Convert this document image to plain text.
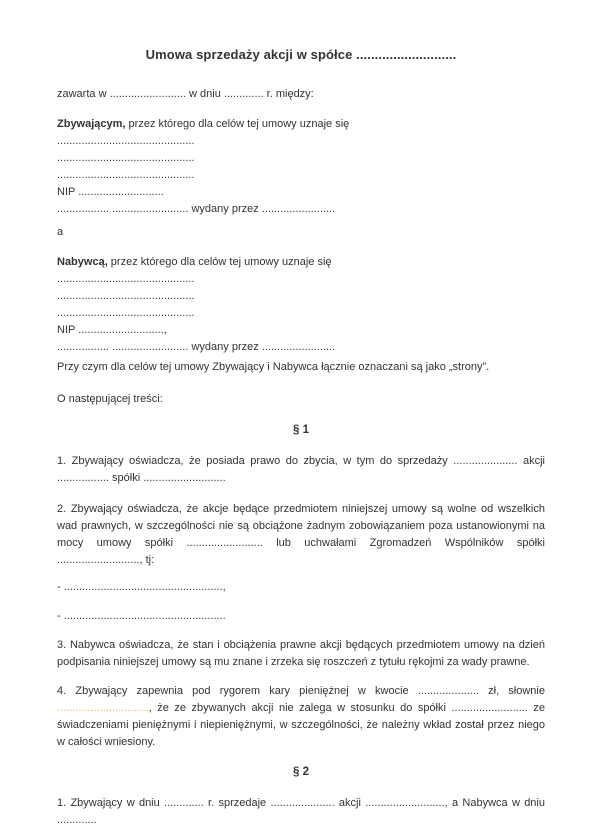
Umowa sprzedaży akcji w spółce ...........................

zawarta w ......................... w dniu ............. r. między:

Zbywającym, przez którego dla celów tej umowy uznaje się

.............................................

.............................................

.............................................

NIP ............................

................. ......................... wydany przez ........................

a

Nabywcą, przez którego dla celów tej umowy uznaje się

.............................................

.............................................

.............................................

NIP ............................,

................. ......................... wydany przez ........................

Przy czym dla celów tej umowy Zbywający i Nabywca łącznie oznaczani są jako „strony”.

O następującej treści:

§ 1

1. Zbywający oświadcza, że posiada prawo do zbycia, w tym do sprzedaży ..................... akcji ................. spółki ...........................

2. Zbywający oświadcza, że akcje będące przedmiotem niniejszej umowy są wolne od wszelkich wad prawnych, w szczególności nie są obciążone żadnym zobowiązaniem poza ustanowionymi na mocy umowy spółki ......................... lub uchwałami Zgromadzeń Wspólników spółki ..........................., tj:

- ....................................................,

- .....................................................

3. Nabywca oświadcza, że stan i obciążenia prawne akcji będących przedmiotem umowy na dzień podpisania niniejszej umowy są mu znane i zrzeka się roszczeń z tytułu rękojmi za wady prawne.

4. Zbywający zapewnia pod rygorem kary pieniężnej w kwocie .................... zł, słownie .............................., że ze zbywanych akcji nie zalega w stosunku do spółki ......................... ze świadczeniami pieniężnymi i niepieniężnymi, w szczególności, że należny wkład został przez niego w całości wniesiony.

§ 2

1. Zbywający w dniu ............. r. sprzedaje ..................... akcji .........................., a Nabywca w dniu .............
